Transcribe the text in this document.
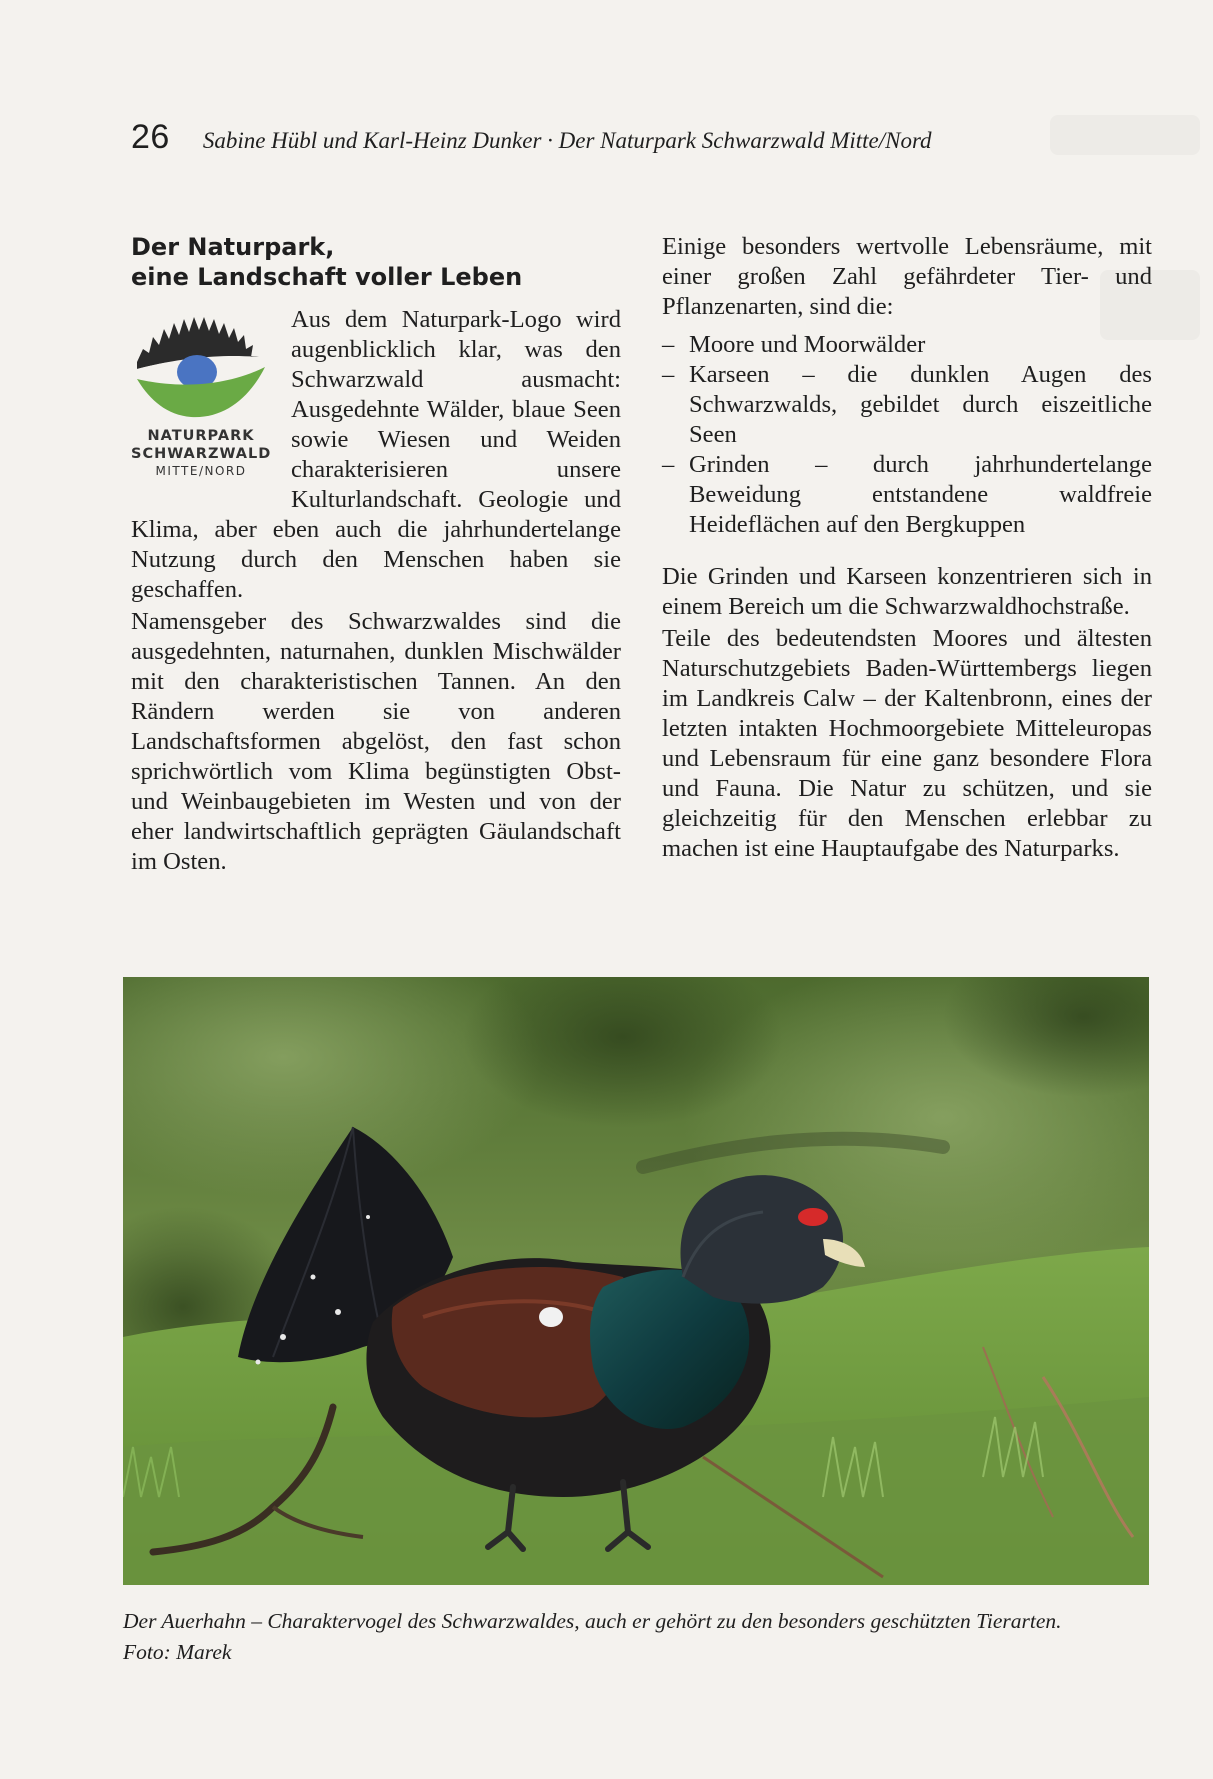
26 Sabine Hübl und Karl-Heinz Dunker · Der Naturpark Schwarzwald Mitte/Nord
Der Naturpark,
eine Landschaft voller Leben
NATURPARK
SCHWARZWALD
MITTE/NORD

Aus dem Naturpark-Logo wird augenblicklich klar, was den Schwarzwald ausmacht: Ausgedehnte Wälder, blaue Seen sowie Wiesen und Weiden charakterisieren unsere Kulturlandschaft. Geologie und Klima, aber eben auch die jahrhundertelange Nutzung durch den Menschen haben sie geschaffen.

Namensgeber des Schwarzwaldes sind die ausgedehnten, naturnahen, dunklen Mischwälder mit den charakteristischen Tannen. An den Rändern werden sie von anderen Landschaftsformen abgelöst, den fast schon sprichwörtlich vom Klima begünstigten Obst- und Weinbaugebieten im Westen und von der eher landwirtschaftlich geprägten Gäulandschaft im Osten.

Einige besonders wertvolle Lebensräume, mit einer großen Zahl gefährdeter Tier- und Pflanzenarten, sind die:

– Moore und Moorwälder
– Karseen – die dunklen Augen des Schwarzwalds, gebildet durch eiszeitliche Seen
– Grinden – durch jahrhundertelange Beweidung entstandene waldfreie Heideflächen auf den Bergkuppen

Die Grinden und Karseen konzentrieren sich in einem Bereich um die Schwarzwaldhochstraße.

Teile des bedeutendsten Moores und ältesten Naturschutzgebiets Baden-Württembergs liegen im Landkreis Calw – der Kaltenbronn, eines der letzten intakten Hochmoorgebiete Mitteleuropas und Lebensraum für eine ganz besondere Flora und Fauna. Die Natur zu schützen, und sie gleichzeitig für den Menschen erlebbar zu machen ist eine Hauptaufgabe des Naturparks.

Der Auerhahn – Charaktervogel des Schwarzwaldes, auch er gehört zu den besonders geschützten Tierarten.
Foto: Marek
